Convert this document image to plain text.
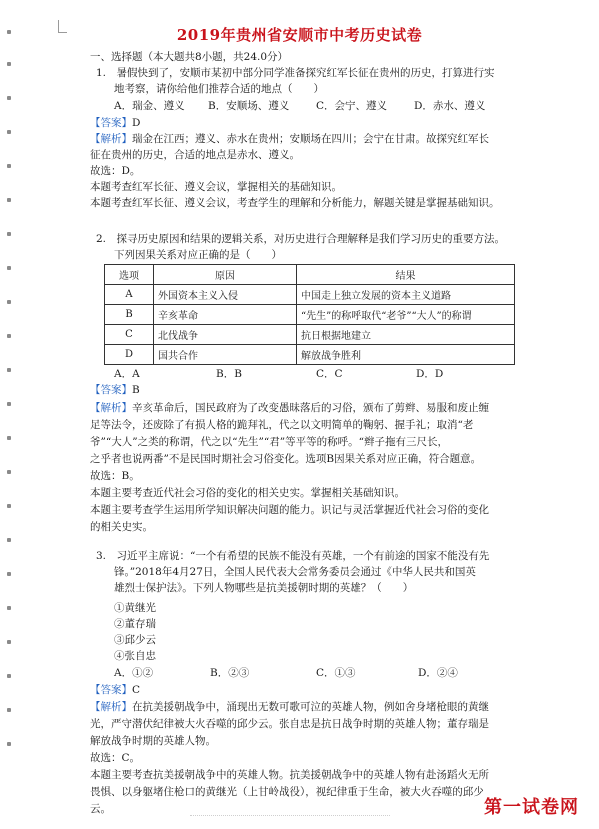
2019年贵州省安顺市中考历史试卷
一、选择题（本大题共8小题，共24.0分）
1.　暑假快到了，安顺市某初中部分同学准备探究红军长征在贵州的历史，打算进行实
地考察，请你给他们推荐合适的地点（　　）
A．瑞金、遵义 B．安顺场、遵义	C．会宁、遵义	D．赤水、遵义
【答案】D
【解析】瑞金在江西；遵义、赤水在贵州；安顺场在四川；会宁在甘肃。故探究红军长
征在贵州的历史，合适的地点是赤水、遵义。
故选：D。
本题考查红军长征、遵义会议，掌握相关的基础知识。
本题考查红军长征、遵义会议，考查学生的理解和分析能力，解题关键是掌握基础知识。
2.　探寻历史原因和结果的逻辑关系，对历史进行合理解释是我们学习历史的重要方法。
下列因果关系对应正确的是（　　）
选项	原因	结果
A	外国资本主义入侵	中国走上独立发展的资本主义道路
B	辛亥革命	“先生”的称呼取代“老爷”“大人”的称谓
C	北伐战争	抗日根据地建立
D	国共合作	解放战争胜利
A．A	B．B	C．C	D．D
【答案】B
【解析】辛亥革命后，国民政府为了改变愚昧落后的习俗，颁布了剪辫、易服和废止缠
足等法令，还废除了有损人格的跪拜礼，代之以文明简单的鞠躬、握手礼；取消“老
爷”“大人”之类的称谓，代之以“先生”“君”等平等的称呼。“辫子拖有三尺长，
之乎者也说两番”不是民国时期社会习俗变化。选项B因果关系对应正确，符合题意。
故选：B。
本题主要考查近代社会习俗的变化的相关史实。掌握相关基础知识。
本题主要考查学生运用所学知识解决问题的能力。识记与灵活掌握近代社会习俗的变化
的相关史实。
3.　习近平主席说：“一个有希望的民族不能没有英雄，一个有前途的国家不能没有先
锋。”2018年4月27日，全国人民代表大会常务委员会通过《中华人民共和国英
雄烈士保护法》。下列人物哪些是抗美援朝时期的英雄？（　　）
①黄继光
②董存瑞
③邱少云
④张自忠
A．①②	B．②③	C．①③	D．②④
【答案】C
【解析】在抗美援朝战争中，涌现出无数可歌可泣的英雄人物，例如舍身堵枪眼的黄继
光，严守潜伏纪律被大火吞噬的邱少云。张自忠是抗日战争时期的英雄人物；董存瑞是
解放战争时期的英雄人物。
故选：C。
本题主要考查抗美援朝战争中的英雄人物。抗美援朝战争中的英雄人物有赴汤蹈火无所
畏惧、以身躯堵住枪口的黄继光（上甘岭战役），视纪律重于生命，被大火吞噬的邱少
云。	第一试卷网
